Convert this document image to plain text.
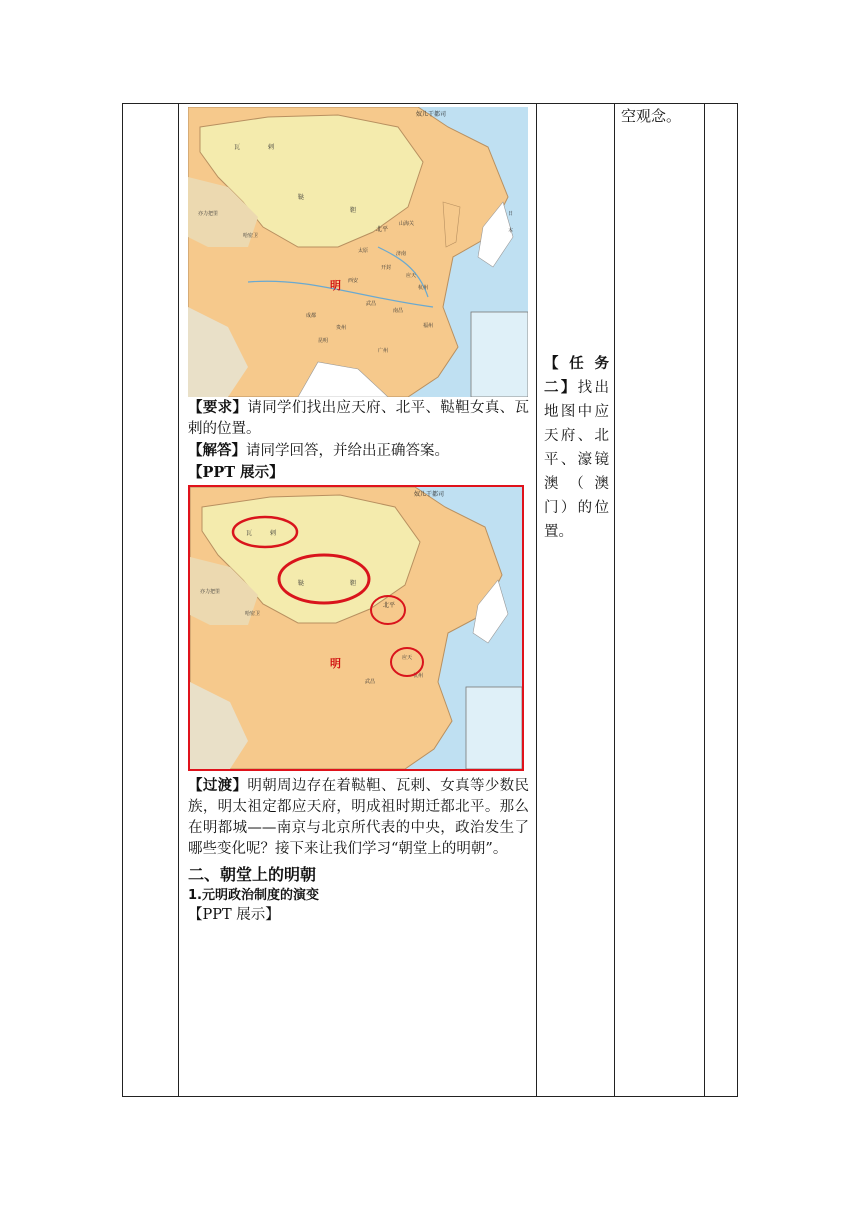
奴儿干都司
鞑
靼
瓦	剌
北平
山海关
太原
开封
西安
济南
明
成都
武昌
应天
杭州
贵州
南昌
昆明
福州
广州
哈密卫
亦力把里	日
本

【要求】请同学们找出应天府、北平、鞑靼女真、瓦剌的位置。

【解答】请同学回答，并给出正确答案。

【PPT 展示】

奴儿干都司
瓦	剌
鞑	靼
北平
应天
明
杭州
武昌
亦力把里
哈密卫

【过渡】明朝周边存在着鞑靼、瓦剌、女真等少数民族，明太祖定都应天府，明成祖时期迁都北平。那么在明都城——南京与北京所代表的中央，政治发生了哪些变化呢？接下来让我们学习“朝堂上的明朝”。

二、朝堂上的明朝

1.元明政治制度的演变

【PPT 展示】

【任务二】找出地图中应天府、北平、濠镜澳（澳门）的位置。

空观念。
